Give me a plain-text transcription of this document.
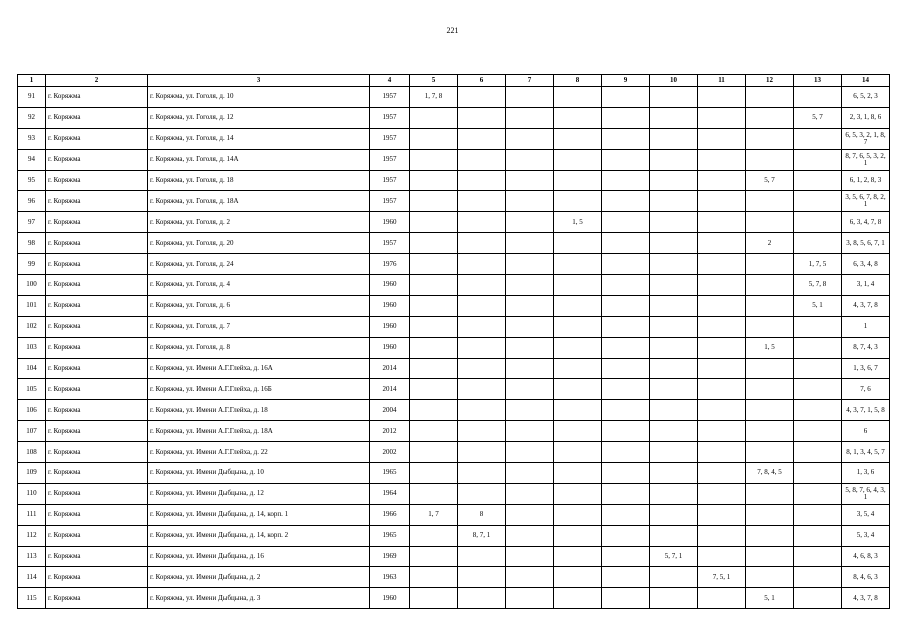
221
1	2	3	4	5	6	7	8	9	10	11	12	13	14
91	г. Коряжма	г. Коряжма, ул. Гоголя, д. 10	1957	1, 7, 8									6, 5, 2, 3
92	г. Коряжма	г. Коряжма, ул. Гоголя, д. 12	1957									5, 7	2, 3, 1, 8, 6
93	г. Коряжма	г. Коряжма, ул. Гоголя, д. 14	1957										6, 5, 3, 2, 1, 8, 7
94	г. Коряжма	г. Коряжма, ул. Гоголя, д. 14А	1957										8, 7, 6, 5, 3, 2, 1
95	г. Коряжма	г. Коряжма, ул. Гоголя, д. 18	1957								5, 7		6, 1, 2, 8, 3
96	г. Коряжма	г. Коряжма, ул. Гоголя, д. 18А	1957										3, 5, 6, 7, 8, 2, 1
97	г. Коряжма	г. Коряжма, ул. Гоголя, д. 2	1960				1, 5						6, 3, 4, 7, 8
98	г. Коряжма	г. Коряжма, ул. Гоголя, д. 20	1957								2		3, 8, 5, 6, 7, 1
99	г. Коряжма	г. Коряжма, ул. Гоголя, д. 24	1976									1, 7, 5	6, 3, 4, 8
100	г. Коряжма	г. Коряжма, ул. Гоголя, д. 4	1960									5, 7, 8	3, 1, 4
101	г. Коряжма	г. Коряжма, ул. Гоголя, д. 6	1960									5, 1	4, 3, 7, 8
102	г. Коряжма	г. Коряжма, ул. Гоголя, д. 7	1960										1
103	г. Коряжма	г. Коряжма, ул. Гоголя, д. 8	1960								1, 5		8, 7, 4, 3
104	г. Коряжма	г. Коряжма, ул. Имени А.Г.Глейха, д. 16А	2014										1, 3, 6, 7
105	г. Коряжма	г. Коряжма, ул. Имени А.Г.Глейха, д. 16Б	2014										7, 6
106	г. Коряжма	г. Коряжма, ул. Имени А.Г.Глейха, д. 18	2004										4, 3, 7, 1, 5, 8
107	г. Коряжма	г. Коряжма, ул. Имени А.Г.Глейха, д. 18А	2012										6
108	г. Коряжма	г. Коряжма, ул. Имени А.Г.Глейха, д. 22	2002										8, 1, 3, 4, 5, 7
109	г. Коряжма	г. Коряжма, ул. Имени Дыбцына, д. 10	1965								7, 8, 4, 5		1, 3, 6
110	г. Коряжма	г. Коряжма, ул. Имени Дыбцына, д. 12	1964										5, 8, 7, 6, 4, 3, 1
111	г. Коряжма	г. Коряжма, ул. Имени Дыбцына, д. 14, корп. 1	1966	1, 7	8								3, 5, 4
112	г. Коряжма	г. Коряжма, ул. Имени Дыбцына, д. 14, корп. 2	1965		8, 7, 1								5, 3, 4
113	г. Коряжма	г. Коряжма, ул. Имени Дыбцына, д. 16	1969						5, 7, 1				4, 6, 8, 3
114	г. Коряжма	г. Коряжма, ул. Имени Дыбцына, д. 2	1963							7, 5, 1			8, 4, 6, 3
115	г. Коряжма	г. Коряжма, ул. Имени Дыбцына, д. 3	1960								5, 1		4, 3, 7, 8
